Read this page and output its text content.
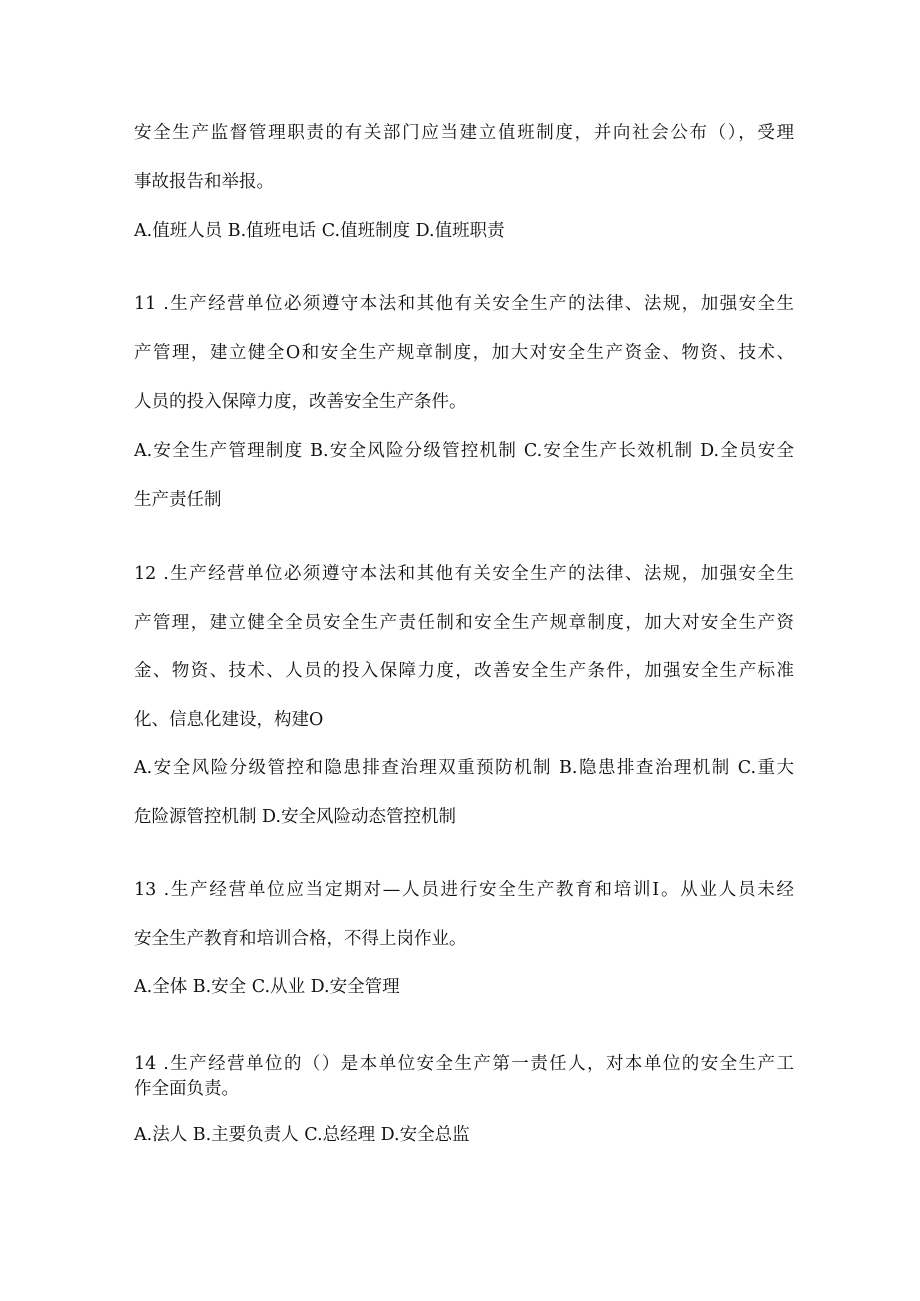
安全生产监督管理职责的有关部门应当建立值班制度，并向社会公布（），受理
事故报告和举报。
A.值班人员 B.值班电话 C.值班制度 D.值班职责
11 .生产经营单位必须遵守本法和其他有关安全生产的法律、法规，加强安全生
产管理，建立健全O和安全生产规章制度，加大对安全生产资金、物资、技术、
人员的投入保障力度，改善安全生产条件。
A.安全生产管理制度 B.安全风险分级管控机制 C.安全生产长效机制 D.全员安全
生产责任制
12 .生产经营单位必须遵守本法和其他有关安全生产的法律、法规，加强安全生
产管理，建立健全全员安全生产责任制和安全生产规章制度，加大对安全生产资
金、物资、技术、人员的投入保障力度，改善安全生产条件，加强安全生产标准
化、信息化建设，构建O
A.安全风险分级管控和隐患排查治理双重预防机制 B.隐患排查治理机制 C.重大
危险源管控机制 D.安全风险动态管控机制
13 .生产经营单位应当定期对—人员进行安全生产教育和培训I。从业人员未经
安全生产教育和培训合格，不得上岗作业。
A.全体 B.安全 C.从业 D.安全管理
14 .生产经营单位的（）是本单位安全生产第一责任人，对本单位的安全生产工
作全面负责。
A.法人 B.主要负责人 C.总经理 D.安全总监
